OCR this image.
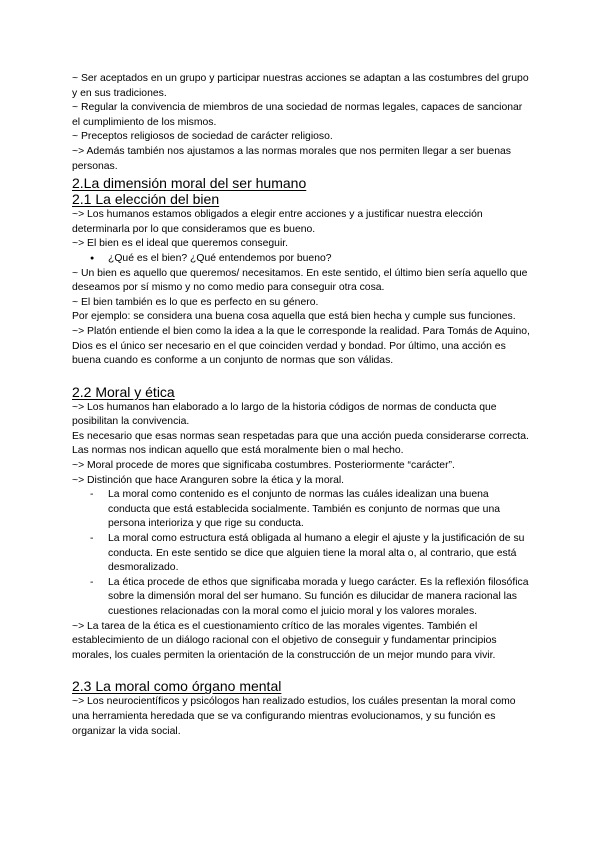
~ Ser aceptados en un grupo y participar nuestras acciones se adaptan a las costumbres del grupo y en sus tradiciones.

~ Regular la convivencia de miembros de una sociedad de normas legales, capaces de sancionar el cumplimiento de los mismos.

~ Preceptos religiosos de sociedad de carácter religioso.

~> Además también nos ajustamos a las normas morales que nos permiten llegar a ser buenas personas.

2.La dimensión moral del ser humano
2.1 La elección del bien

~> Los humanos estamos obligados a elegir entre acciones y a justificar nuestra elección determinarla por lo que consideramos que es bueno.

~> El bien es el ideal que queremos conseguir.

● ¿Qué es el bien? ¿Qué entendemos por bueno?

~ Un bien es aquello que queremos/ necesitamos. En este sentido, el último bien sería aquello que deseamos por sí mismo y no como medio para conseguir otra cosa.

~ El bien también es lo que es perfecto en su género.

Por ejemplo: se considera una buena cosa aquella que está bien hecha y cumple sus funciones.

~> Platón entiende el bien como la idea a la que le corresponde la realidad. Para Tomás de Aquino, Dios es el único ser necesario en el que coinciden verdad y bondad. Por último, una acción es buena cuando es conforme a un conjunto de normas que son válidas.

2.2 Moral y ética

~> Los humanos han elaborado a lo largo de la historia códigos de normas de conducta que posibilitan la convivencia.

Es necesario que esas normas sean respetadas para que una acción pueda considerarse correcta. Las normas nos indican aquello que está moralmente bien o mal hecho.

~> Moral procede de mores que significaba costumbres. Posteriormente “carácter”.

~> Distinción que hace Aranguren sobre la ética y la moral.

- La moral como contenido es el conjunto de normas las cuáles idealizan una buena conducta que está establecida socialmente. También es conjunto de normas que una persona interioriza y que rige su conducta.
- La moral como estructura está obligada al humano a elegir el ajuste y la justificación de su conducta. En este sentido se dice que alguien tiene la moral alta o, al contrario, que está desmoralizado.
- La ética procede de ethos que significaba morada y luego carácter. Es la reflexión filosófica sobre la dimensión moral del ser humano. Su función es dilucidar de manera racional las cuestiones relacionadas con la moral como el juicio moral y los valores morales.

~> La tarea de la ética es el cuestionamiento crítico de las morales vigentes. También el establecimiento de un diálogo racional con el objetivo de conseguir y fundamentar principios morales, los cuales permiten la orientación de la construcción de un mejor mundo para vivir.

2.3 La moral como órgano mental

~> Los neurocientíficos y psicólogos han realizado estudios, los cuáles presentan la moral como una herramienta heredada que se va configurando mientras evolucionamos, y su función es organizar la vida social.
